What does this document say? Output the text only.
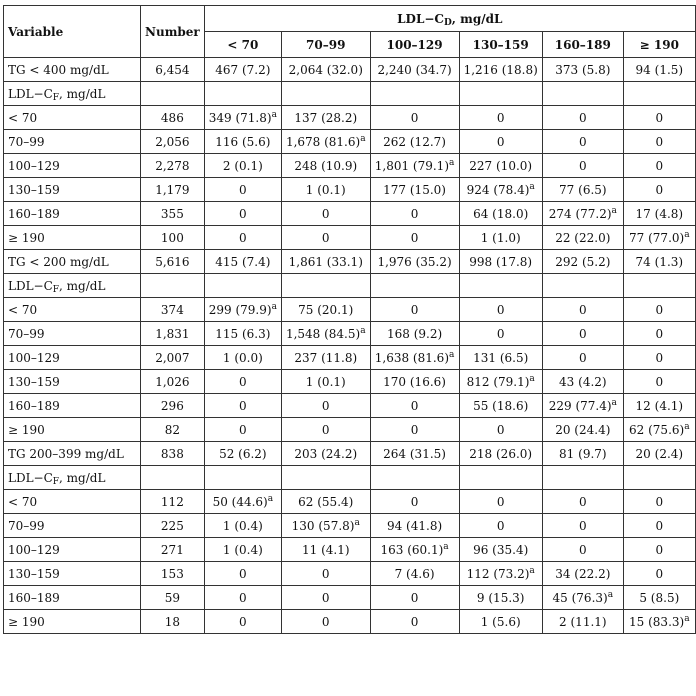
Variable	Number	$LDL-C_D$, mg/dL					
		< 70	70–99	100–129	130–159	160–189	≥ 190
TG < 400 mg/dL	6,454	467 (7.2)	2,064 (32.0)	2,240 (34.7)	1,216 (18.8)	373 (5.8)	94 (1.5)
$LDL-C_F$, mg/dL							
< 70	486	349 $(71.8)^a$	137 (28.2)	0	0	0	0
70–99	2,056	116 (5.6)	1,678 $(81.6)^a$	262 (12.7)	0	0	0
100–129	2,278	2 (0.1)	248 (10.9)	1,801 $(79.1)^a$	227 (10.0)	0	0
130–159	1,179	0	1 (0.1)	177 (15.0)	924 $(78.4)^a$	77 (6.5)	0
160–189	355	0	0	0	64 (18.0)	274 $(77.2)^a$	17 (4.8)
≥ 190	100	0	0	0	1 (1.0)	22 (22.0)	77 $(77.0)^a$
TG < 200 mg/dL	5,616	415 (7.4)	1,861 (33.1)	1,976 (35.2)	998 (17.8)	292 (5.2)	74 (1.3)
$LDL-C_F$, mg/dL							
< 70	374	299 $(79.9)^a$	75 (20.1)	0	0	0	0
70–99	1,831	115 (6.3)	1,548 $(84.5)^a$	168 (9.2)	0	0	0
100–129	2,007	1 (0.0)	237 (11.8)	1,638 $(81.6)^a$	131 (6.5)	0	0
130–159	1,026	0	1 (0.1)	170 (16.6)	812 $(79.1)^a$	43 (4.2)	0
160–189	296	0	0	0	55 (18.6)	229 $(77.4)^a$	12 (4.1)
≥ 190	82	0	0	0	0	20 (24.4)	62 $(75.6)^a$
TG 200–399 mg/dL	838	52 (6.2)	203 (24.2)	264 (31.5)	218 (26.0)	81 (9.7)	20 (2.4)
$LDL-C_F$, mg/dL							
< 70	112	50 $(44.6)^a$	62 (55.4)	0	0	0	0
70–99	225	1 (0.4)	130 $(57.8)^a$	94 (41.8)	0	0	0
100–129	271	1 (0.4)	11 (4.1)	163 $(60.1)^a$	96 (35.4)	0	0
130–159	153	0	0	7 (4.6)	112 $(73.2)^a$	34 (22.2)	0
160–189	59	0	0	0	9 (15.3)	45 $(76.3)^a$	5 (8.5)
≥ 190	18	0	0	0	1 (5.6)	2 (11.1)	15 $(83.3)^a$
